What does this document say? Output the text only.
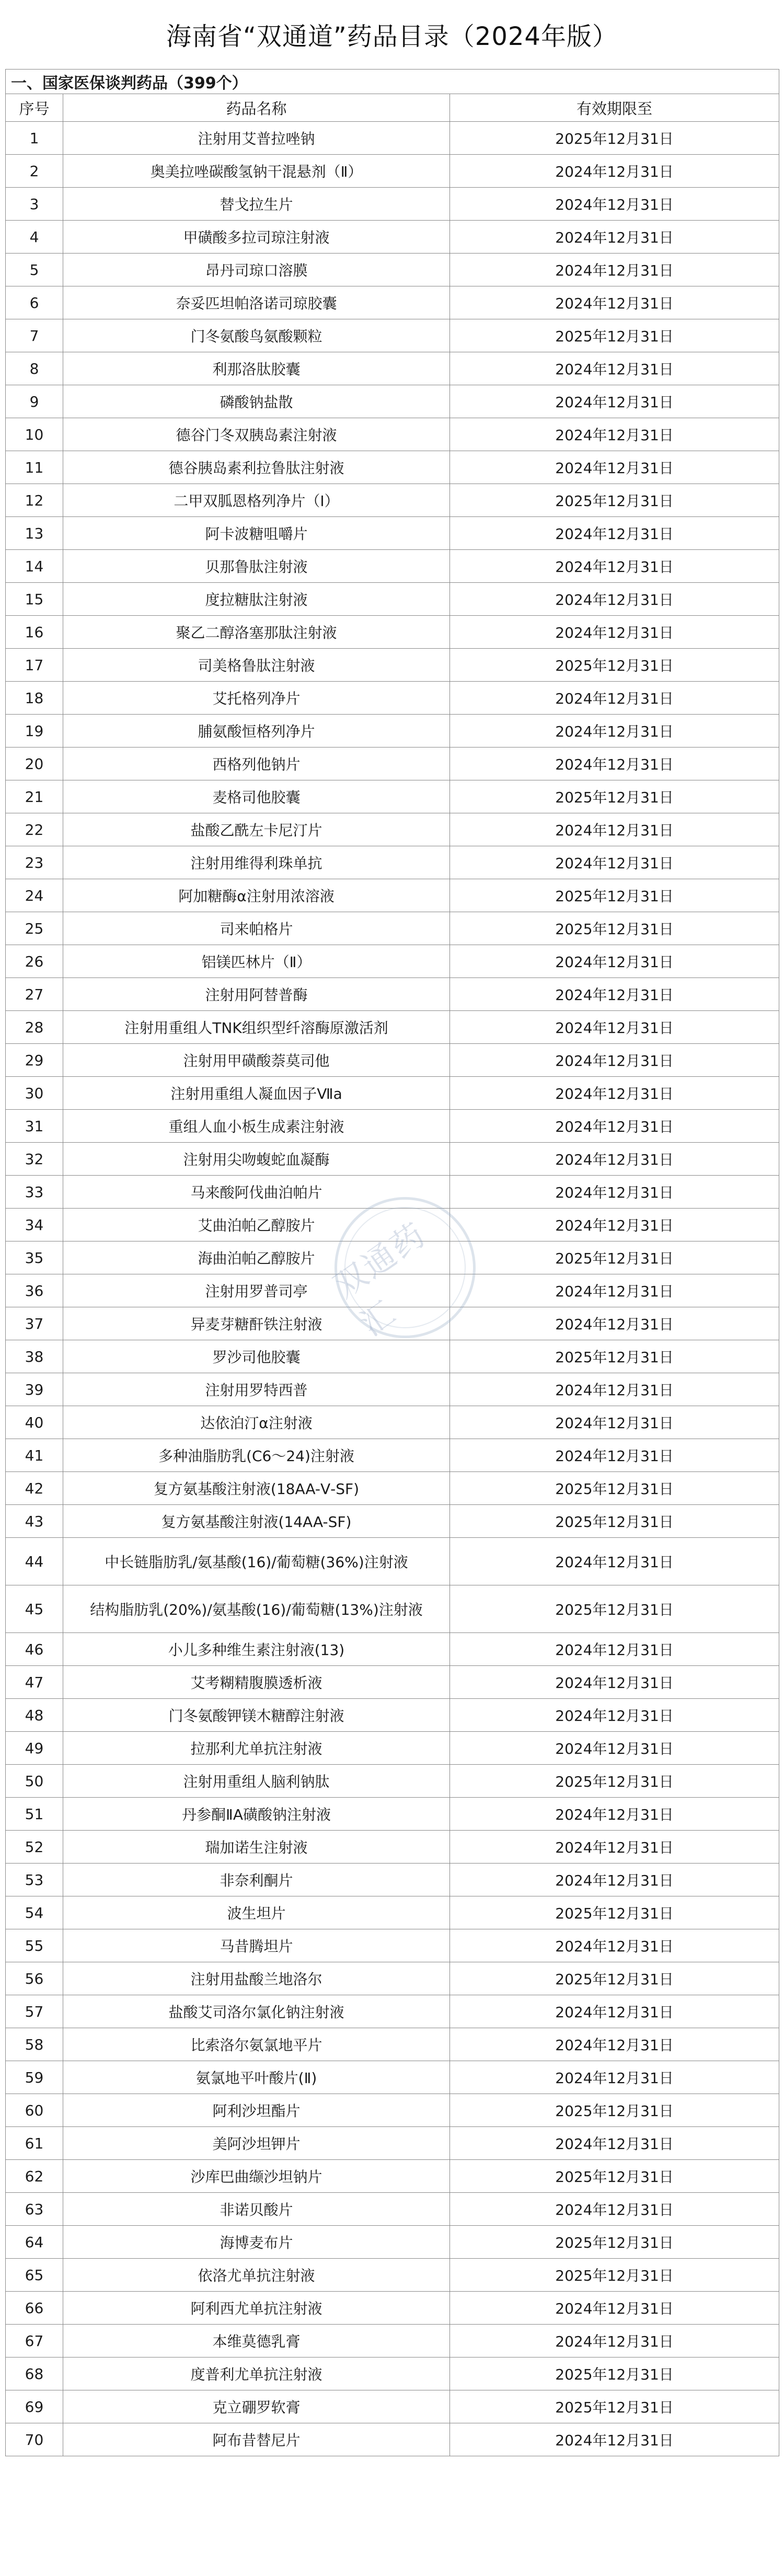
海南省“双通道”药品目录（2024年版）
一、国家医保谈判药品（399个）		
序号	药品名称	有效期限至
1	注射用艾普拉唑钠	2025年12月31日
2	奥美拉唑碳酸氢钠干混悬剂（Ⅱ）	2024年12月31日
3	替戈拉生片	2024年12月31日
4	甲磺酸多拉司琼注射液	2024年12月31日
5	昂丹司琼口溶膜	2024年12月31日
6	奈妥匹坦帕洛诺司琼胶囊	2024年12月31日
7	门冬氨酸鸟氨酸颗粒	2025年12月31日
8	利那洛肽胶囊	2024年12月31日
9	磷酸钠盐散	2024年12月31日
10	德谷门冬双胰岛素注射液	2024年12月31日
11	德谷胰岛素利拉鲁肽注射液	2024年12月31日
12	二甲双胍恩格列净片（Ⅰ）	2025年12月31日
13	阿卡波糖咀嚼片	2024年12月31日
14	贝那鲁肽注射液	2024年12月31日
15	度拉糖肽注射液	2024年12月31日
16	聚乙二醇洛塞那肽注射液	2024年12月31日
17	司美格鲁肽注射液	2025年12月31日
18	艾托格列净片	2024年12月31日
19	脯氨酸恒格列净片	2024年12月31日
20	西格列他钠片	2024年12月31日
21	麦格司他胶囊	2025年12月31日
22	盐酸乙酰左卡尼汀片	2024年12月31日
23	注射用维得利珠单抗	2024年12月31日
24	阿加糖酶α注射用浓溶液	2025年12月31日
25	司来帕格片	2025年12月31日
26	铝镁匹林片（Ⅱ）	2024年12月31日
27	注射用阿替普酶	2024年12月31日
28	注射用重组人TNK组织型纤溶酶原激活剂	2024年12月31日
29	注射用甲磺酸萘莫司他	2024年12月31日
30	注射用重组人凝血因子Ⅶa	2024年12月31日
31	重组人血小板生成素注射液	2024年12月31日
32	注射用尖吻蝮蛇血凝酶	2024年12月31日
33	马来酸阿伐曲泊帕片	2024年12月31日
34	艾曲泊帕乙醇胺片	2024年12月31日
35	海曲泊帕乙醇胺片	2025年12月31日
36	注射用罗普司亭	2024年12月31日
37	异麦芽糖酐铁注射液	2024年12月31日
38	罗沙司他胶囊	2025年12月31日
39	注射用罗特西普	2024年12月31日
40	达依泊汀α注射液	2024年12月31日
41	多种油脂肪乳(C6～24)注射液	2024年12月31日
42	复方氨基酸注射液(18AA-Ⅴ-SF)	2025年12月31日
43	复方氨基酸注射液(14AA-SF)	2025年12月31日
44	中长链脂肪乳/氨基酸(16)/葡萄糖(36%)注射液	2024年12月31日
45	结构脂肪乳(20%)/氨基酸(16)/葡萄糖(13%)注射液	2025年12月31日
46	小儿多种维生素注射液(13)	2024年12月31日
47	艾考糊精腹膜透析液	2024年12月31日
48	门冬氨酸钾镁木糖醇注射液	2024年12月31日
49	拉那利尤单抗注射液	2024年12月31日
50	注射用重组人脑利钠肽	2025年12月31日
51	丹参酮ⅡA磺酸钠注射液	2024年12月31日
52	瑞加诺生注射液	2024年12月31日
53	非奈利酮片	2024年12月31日
54	波生坦片	2025年12月31日
55	马昔腾坦片	2024年12月31日
56	注射用盐酸兰地洛尔	2025年12月31日
57	盐酸艾司洛尔氯化钠注射液	2024年12月31日
58	比索洛尔氨氯地平片	2024年12月31日
59	氨氯地平叶酸片(Ⅱ)	2024年12月31日
60	阿利沙坦酯片	2025年12月31日
61	美阿沙坦钾片	2024年12月31日
62	沙库巴曲缬沙坦钠片	2025年12月31日
63	非诺贝酸片	2024年12月31日
64	海博麦布片	2025年12月31日
65	依洛尤单抗注射液	2025年12月31日
66	阿利西尤单抗注射液	2024年12月31日
67	本维莫德乳膏	2024年12月31日
68	度普利尤单抗注射液	2025年12月31日
69	克立硼罗软膏	2025年12月31日
70	阿布昔替尼片	2024年12月31日
双通药汇
